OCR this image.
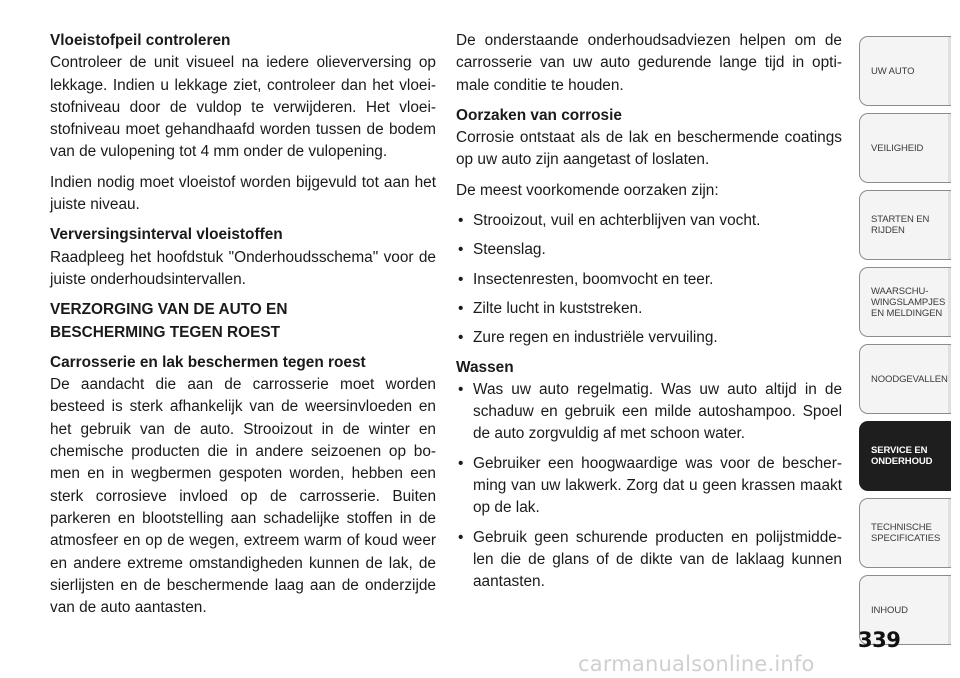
Vloeistofpeil controleren

Controleer de unit visueel na iedere olieverversing op lekkage. Indien u lekkage ziet, controleer dan het vloei-stofniveau door de vuldop te verwijderen. Het vloei-stofniveau moet gehandhaafd worden tussen de bodem van de vulopening tot 4 mm onder de vulopening.

Indien nodig moet vloeistof worden bijgevuld tot aan het juiste niveau.

Verversingsinterval vloeistoffen

Raadpleeg het hoofdstuk "Onderhoudsschema" voor de juiste onderhoudsintervallen.

VERZORGING VAN DE AUTO EN
BESCHERMING TEGEN ROEST
Carrosserie en lak beschermen tegen roest

De aandacht die aan de carrosserie moet worden besteed is sterk afhankelijk van de weersinvloeden en het gebruik van de auto. Strooizout in de winter en chemische producten die in andere seizoenen op bo-men en in wegbermen gespoten worden, hebben een sterk corrosieve invloed op de carrosserie. Buiten parkeren en blootstelling aan schadelijke stoffen in de atmosfeer en op de wegen, extreem warm of koud weer en andere extreme omstandigheden kunnen de lak, de sierlijsten en de beschermende laag aan de onderzijde van de auto aantasten.

De onderstaande onderhoudsadviezen helpen om de carrosserie van uw auto gedurende lange tijd in opti-male conditie te houden.

Oorzaken van corrosie

Corrosie ontstaat als de lak en beschermende coatings op uw auto zijn aangetast of loslaten.

De meest voorkomende oorzaken zijn:

• Strooizout, vuil en achterblijven van vocht.
• Steenslag.
• Insectenresten, boomvocht en teer.
• Zilte lucht in kuststreken.
• Zure regen en industriële vervuiling.
Wassen
• Was uw auto regelmatig. Was uw auto altijd in de schaduw en gebruik een milde autoshampoo. Spoel de auto zorgvuldig af met schoon water.
• Gebruiker een hoogwaardige was voor de bescher-ming van uw lakwerk. Zorg dat u geen krassen maakt op de lak.
• Gebruik geen schurende producten en polijstmidde-len die de glans of de dikte van de laklaag kunnen aantasten.
UW AUTO
VEILIGHEID
STARTEN EN
RIJDEN
WAARSCHU-
WINGSLAMPJES
EN MELDINGEN
NOODGEVALLEN
SERVICE EN
ONDERHOUD
TECHNISCHE
SPECIFICATIES
INHOUD
339
carmanualsonline.info
